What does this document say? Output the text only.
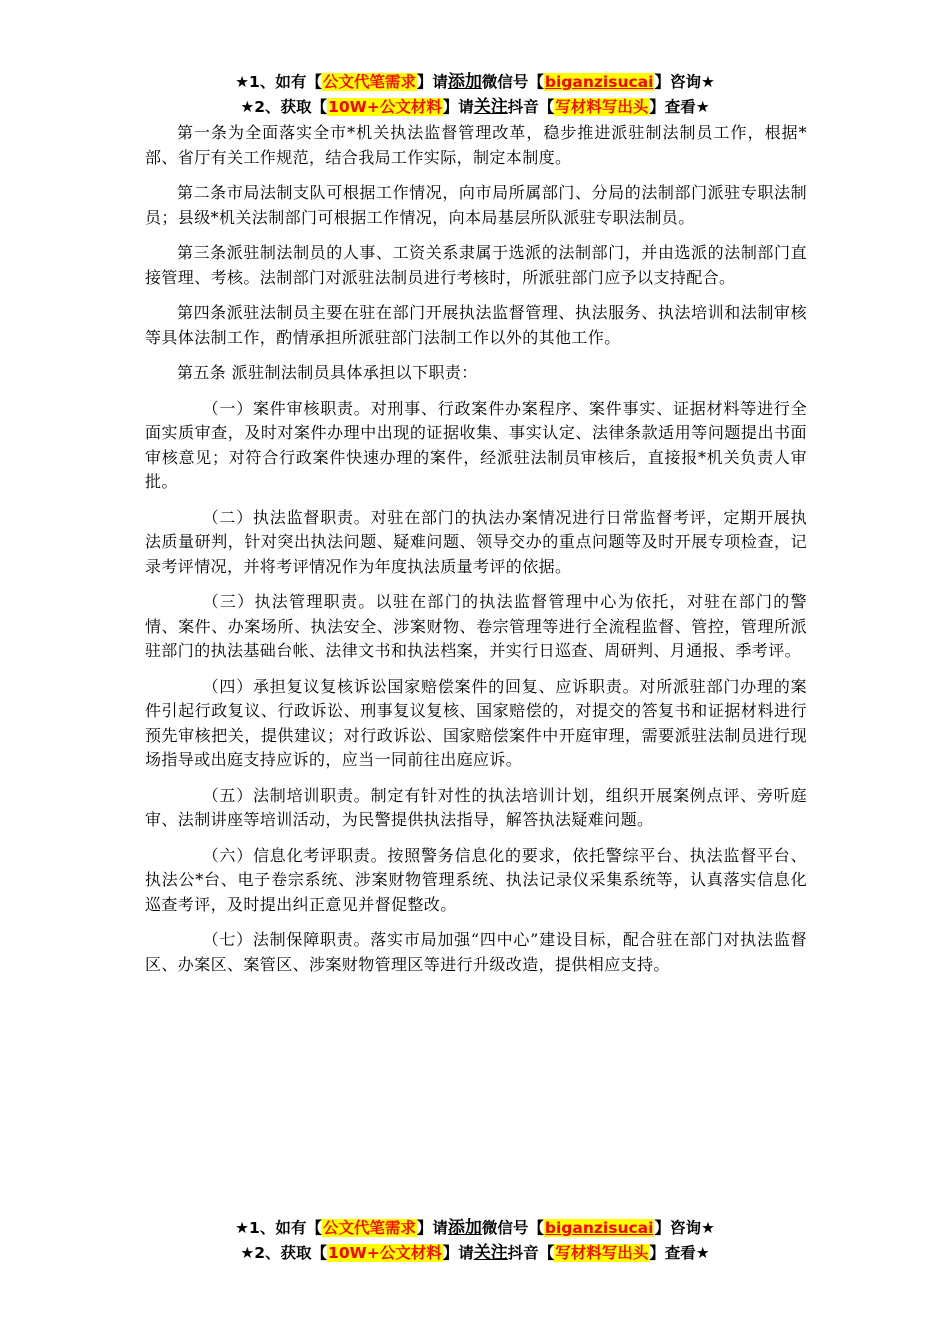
★1、如有【公文代笔需求】请添加微信号【biganzisucai】咨询★
★2、获取【10W+公文材料】请关注抖音【写材料写出头】查看★

第一条为全面落实全市*机关执法监督管理改革，稳步推进派驻制法制员工作，根据*部、省厅有关工作规范，结合我局工作实际，制定本制度。

第二条市局法制支队可根据工作情况，向市局所属部门、分局的法制部门派驻专职法制员；县级*机关法制部门可根据工作情况，向本局基层所队派驻专职法制员。

第三条派驻制法制员的人事、工资关系隶属于选派的法制部门，并由选派的法制部门直接管理、考核。法制部门对派驻法制员进行考核时，所派驻部门应予以支持配合。

第四条派驻法制员主要在驻在部门开展执法监督管理、执法服务、执法培训和法制审核等具体法制工作，酌情承担所派驻部门法制工作以外的其他工作。

第五条 派驻制法制员具体承担以下职责：

（一）案件审核职责。对刑事、行政案件办案程序、案件事实、证据材料等进行全面实质审查，及时对案件办理中出现的证据收集、事实认定、法律条款适用等问题提出书面审核意见；对符合行政案件快速办理的案件，经派驻法制员审核后，直接报*机关负责人审批。

（二）执法监督职责。对驻在部门的执法办案情况进行日常监督考评，定期开展执法质量研判，针对突出执法问题、疑难问题、领导交办的重点问题等及时开展专项检查，记录考评情况，并将考评情况作为年度执法质量考评的依据。

（三）执法管理职责。以驻在部门的执法监督管理中心为依托，对驻在部门的警情、案件、办案场所、执法安全、涉案财物、卷宗管理等进行全流程监督、管控，管理所派驻部门的执法基础台帐、法律文书和执法档案，并实行日巡查、周研判、月通报、季考评。

（四）承担复议复核诉讼国家赔偿案件的回复、应诉职责。对所派驻部门办理的案件引起行政复议、行政诉讼、刑事复议复核、国家赔偿的，对提交的答复书和证据材料进行预先审核把关，提供建议；对行政诉讼、国家赔偿案件中开庭审理，需要派驻法制员进行现场指导或出庭支持应诉的，应当一同前往出庭应诉。

（五）法制培训职责。制定有针对性的执法培训计划，组织开展案例点评、旁听庭审、法制讲座等培训活动，为民警提供执法指导，解答执法疑难问题。

（六）信息化考评职责。按照警务信息化的要求，依托警综平台、执法监督平台、执法公*台、电子卷宗系统、涉案财物管理系统、执法记录仪采集系统等，认真落实信息化巡查考评，及时提出纠正意见并督促整改。

（七）法制保障职责。落实市局加强“四中心”建设目标，配合驻在部门对执法监督区、办案区、案管区、涉案财物管理区等进行升级改造，提供相应支持。

★1、如有【公文代笔需求】请添加微信号【biganzisucai】咨询★
★2、获取【10W+公文材料】请关注抖音【写材料写出头】查看★
